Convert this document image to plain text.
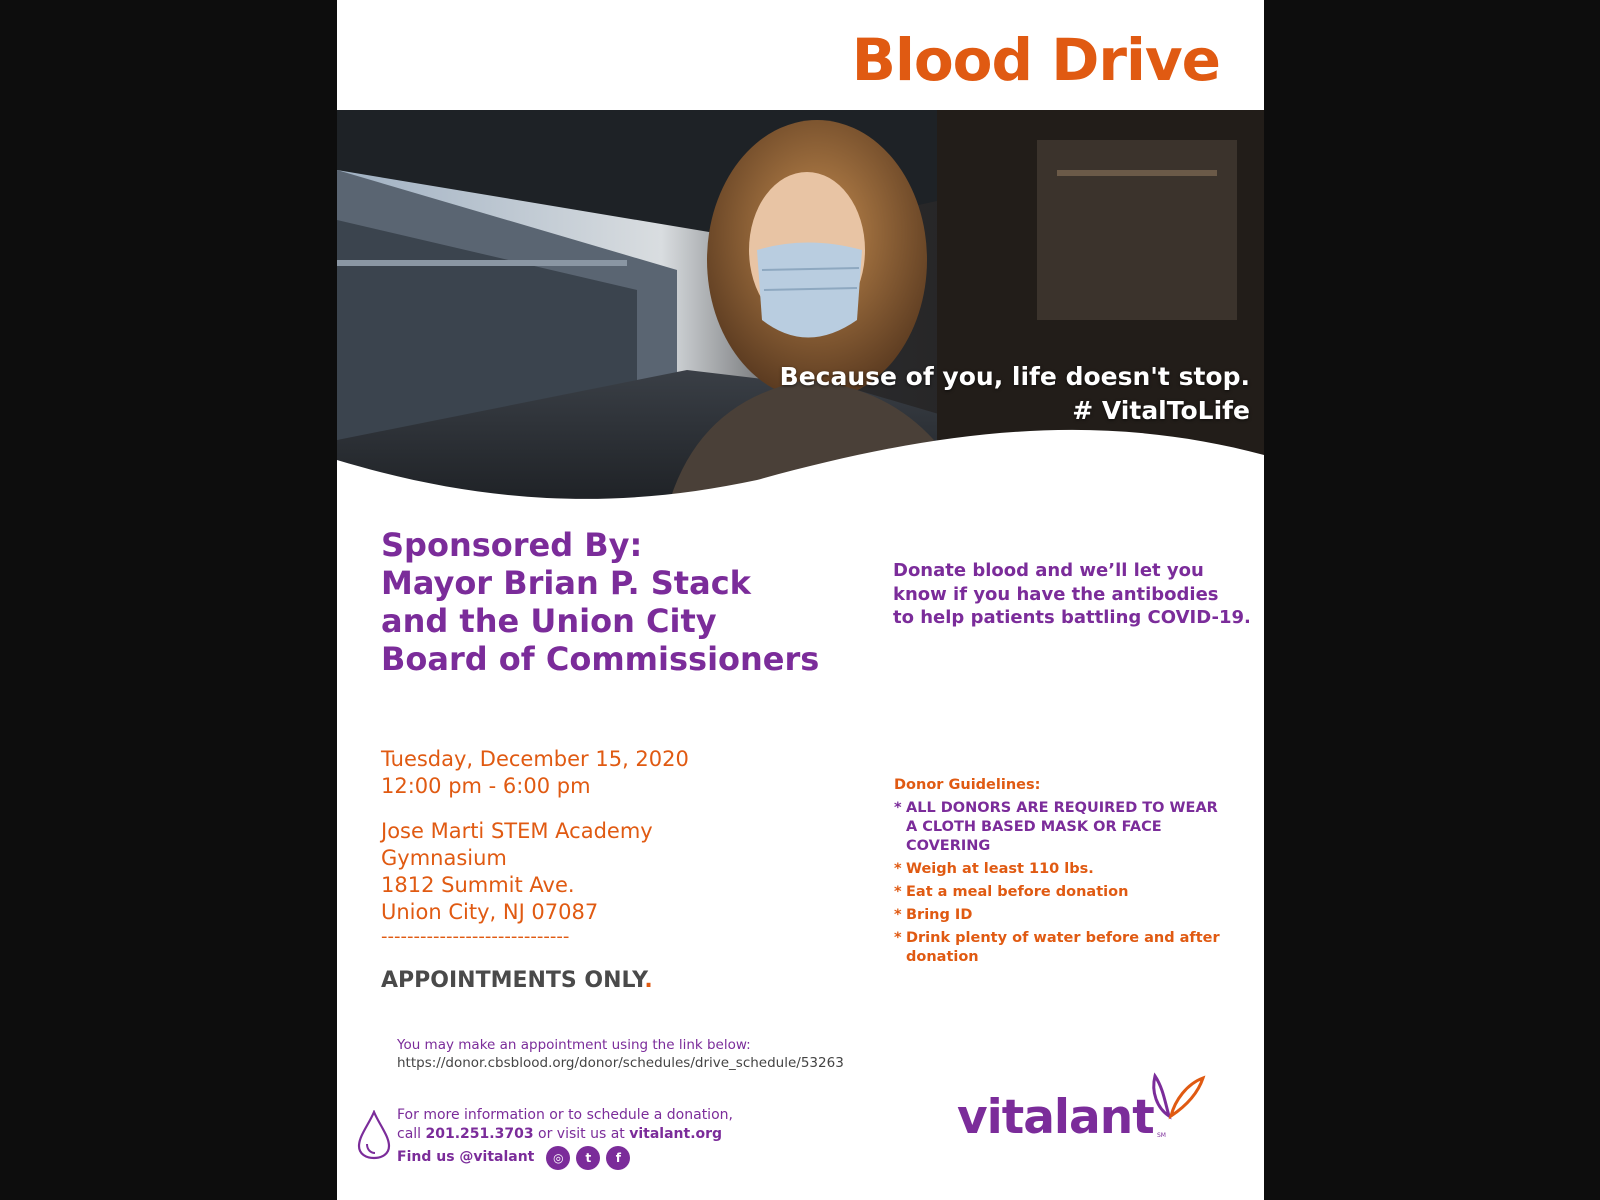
Blood Drive
Because of you, life doesn't stop.
# VitalToLife
Sponsored By:
Mayor Brian P. Stack
and the Union City
Board of Commissioners
Donate blood and we’ll let you
know if you have the antibodies
to help patients battling COVID-19.
Tuesday, December 15, 2020
12:00 pm - 6:00 pm
Jose Marti STEM Academy
Gymnasium
1812 Summit Ave.
Union City, NJ 07087
-----------------------------
APPOINTMENTS ONLY.
Donor Guidelines:
* ALL DONORS ARE REQUIRED TO WEAR A CLOTH BASED MASK OR FACE COVERING
* Weigh at least 110 lbs.
* Eat a meal before donation
* Bring ID
* Drink plenty of water before and after donation
You may make an appointment using the link below:
https://donor.cbsblood.org/donor/schedules/drive_schedule/53263
For more information or to schedule a donation,
call 201.251.3703 or visit us at vitalant.org
Find us @vitalant	◎	t	f
vitalant SM
